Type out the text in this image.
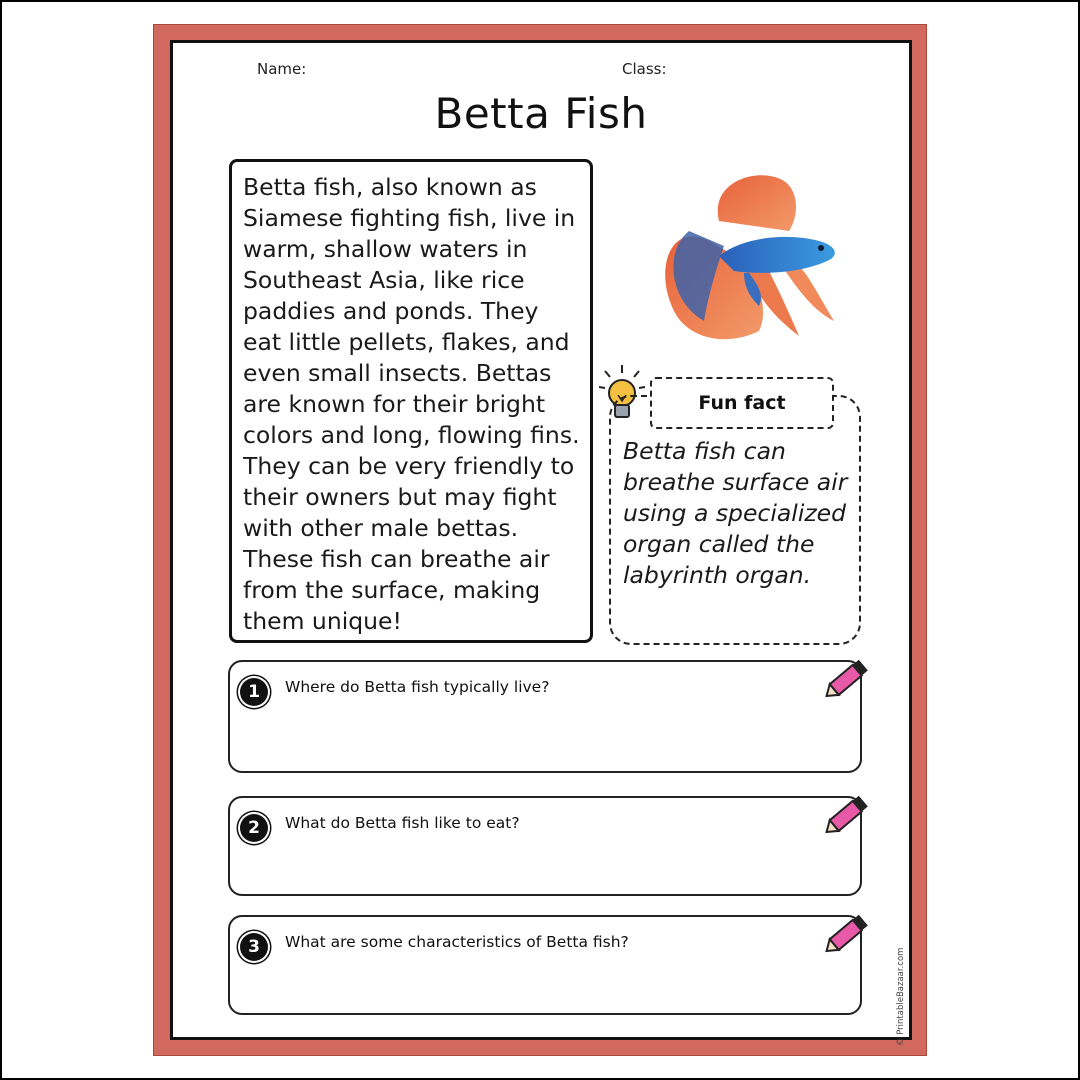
Name:	Class:
Betta Fish

Betta fish, also known as Siamese fighting fish, live in warm, shallow waters in Southeast Asia, like rice paddies and ponds. They eat little pellets, flakes, and even small insects. Bettas are known for their bright colors and long, flowing fins. They can be very friendly to their owners but may fight with other male bettas. These fish can breathe air from the surface, making them unique!

Fun fact
Betta fish can breathe surface air using a specialized organ called the labyrinth organ.
1	Where do Betta fish typically live?
2	What do Betta fish like to eat?
3	What are some characteristics of Betta fish?
© PrintableBazaar.com
